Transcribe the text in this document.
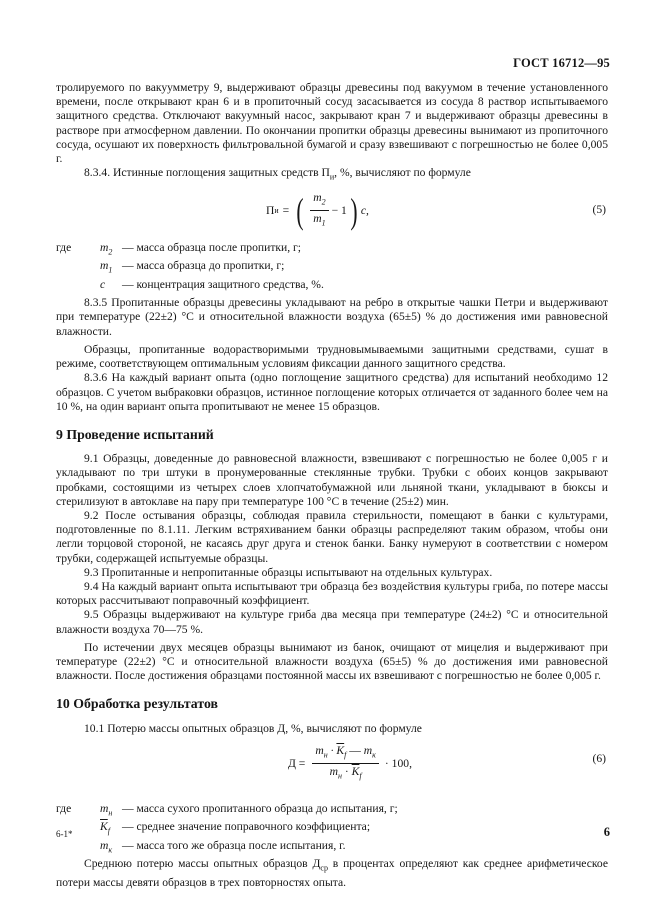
ГОСТ 16712—95

тролируемого по вакуумметру 9, выдерживают образцы древесины под вакуумом в течение установленного времени, после открывают кран 6 и в пропиточный сосуд засасывается из сосуда 8 раствор испытываемого защитного средства. Отключают вакуумный насос, закрывают кран 7 и выдерживают образцы древесины в растворе при атмосферном давлении. По окончании пропитки образцы древесины вынимают из пропиточного сосуда, осушают их поверхность фильтровальной бумагой и сразу взвешивают с погрешностью не более 0,005 г.

8.3.4. Истинные поглощения защитных средств $П_и$, %, вычисляют по формуле

П и = ( $\frac{m_2}{m_1} - 1$ ) c,	(5)
где	$m_2$ — масса образца после пропитки, г;
$m_1$ — масса образца до пропитки, г;
c	— концентрация защитного средства, %.

8.3.5 Пропитанные образцы древесины укладывают на ребро в открытые чашки Петри и выдерживают при температуре (22±2) °С и относительной влажности воздуха (65±5) % до достижения ими равновесной влажности.

Образцы, пропитанные водорастворимыми трудновымываемыми защитными средствами, сушат в режиме, соответствующем оптимальным условиям фиксации данного защитного средства.

8.3.6 На каждый вариант опыта (одно поглощение защитного средства) для испытаний необходимо 12 образцов. С учетом выбраковки образцов, истинное поглощение которых отличается от заданного более чем на 10 %, на один вариант опыта пропитывают не менее 15 образцов.

9 Проведение испытаний

9.1 Образцы, доведенные до равновесной влажности, взвешивают с погрешностью не более 0,005 г и укладывают по три штуки в пронумерованные стеклянные трубки. Трубки с обоих концов закрывают пробками, состоящими из четырех слоев хлопчатобумажной или льняной ткани, укладывают в бюксы и стерилизуют в автоклаве на пару при температуре 100 °С в течение (25±2) мин.

9.2 После остывания образцы, соблюдая правила стерильности, помещают в банки с культурами, подготовленные по 8.1.11. Легким встряхиванием банки образцы распределяют таким образом, чтобы они легли торцовой стороной, не касаясь друг друга и стенок банки. Банку нумеруют в соответствии с номером трубки, содержащей испытуемые образцы.

9.3 Пропитанные и непропитанные образцы испытывают на отдельных культурах.

9.4 На каждый вариант опыта испытывают три образца без воздействия культуры гриба, по потере массы которых рассчитывают поправочный коэффициент.

9.5 Образцы выдерживают на культуре гриба два месяца при температуре (24±2) °С и относительной влажности воздуха 70—75 %.

По истечении двух месяцев образцы вынимают из банок, очищают от мицелия и выдерживают при температуре (22±2) °С и относительной влажности воздуха (65±5) % до достижения ими равновесной влажности. После достижения образцами постоянной массы их взвешивают с погрешностью не более 0,005 г.

10 Обработка результатов

10.1 Потерю массы опытных образцов Д, %, вычисляют по формуле

$Д = \frac{m_н \cdot \overline{K}_f — m_к}{m_н \cdot \overline{K}_f} \cdot 100$,	(6)
где	$m_н$ — масса сухого пропитанного образца до испытания, г;
$\overline{K}_f$	— среднее значение поправочного коэффициента;
$m_к$ — масса того же образца после испытания, г.

Среднюю потерю массы опытных образцов $Д_{ср}$ в процентах определяют как среднее арифметическое потери массы девяти образцов в трех повторностях опыта.

6-1*	6
